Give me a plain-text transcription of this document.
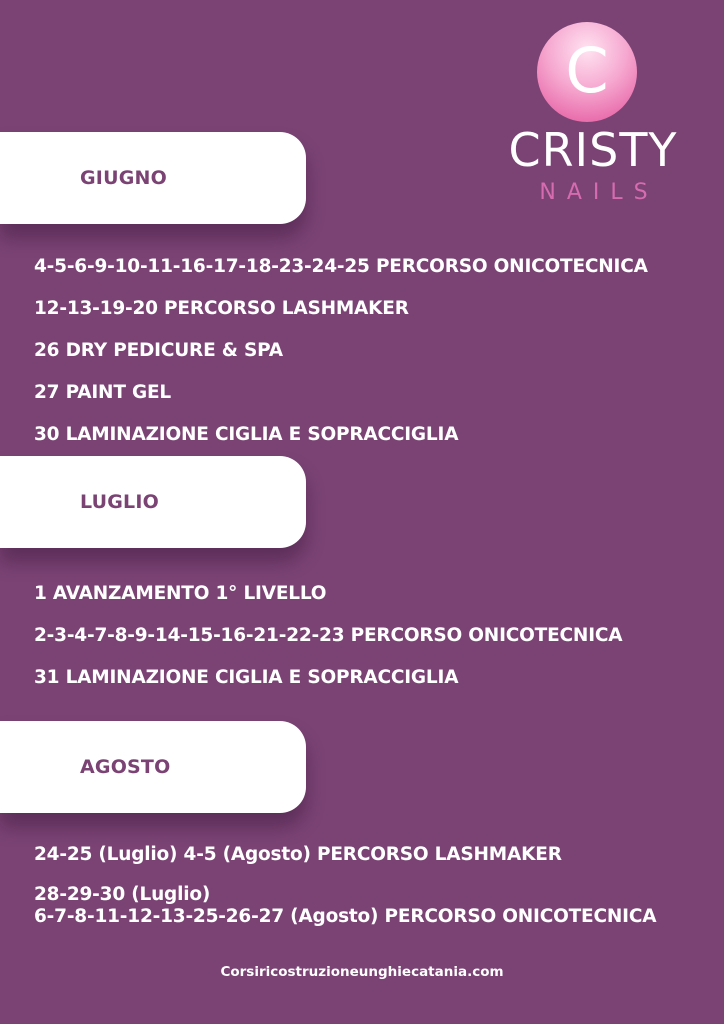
C
CRISTY
NAILS
GIUGNO

4-5-6-9-10-11-16-17-18-23-24-25 PERCORSO ONICOTECNICA

12-13-19-20 PERCORSO LASHMAKER

26 DRY PEDICURE & SPA

27 PAINT GEL

30 LAMINAZIONE CIGLIA E SOPRACCIGLIA

LUGLIO

1 AVANZAMENTO 1° LIVELLO

2-3-4-7-8-9-14-15-16-21-22-23 PERCORSO ONICOTECNICA

31 LAMINAZIONE CIGLIA E SOPRACCIGLIA

AGOSTO

24-25 (Luglio) 4-5 (Agosto) PERCORSO LASHMAKER

28-29-30 (Luglio)

6-7-8-11-12-13-25-26-27 (Agosto) PERCORSO ONICOTECNICA

Corsiricostruzioneunghiecatania.com
